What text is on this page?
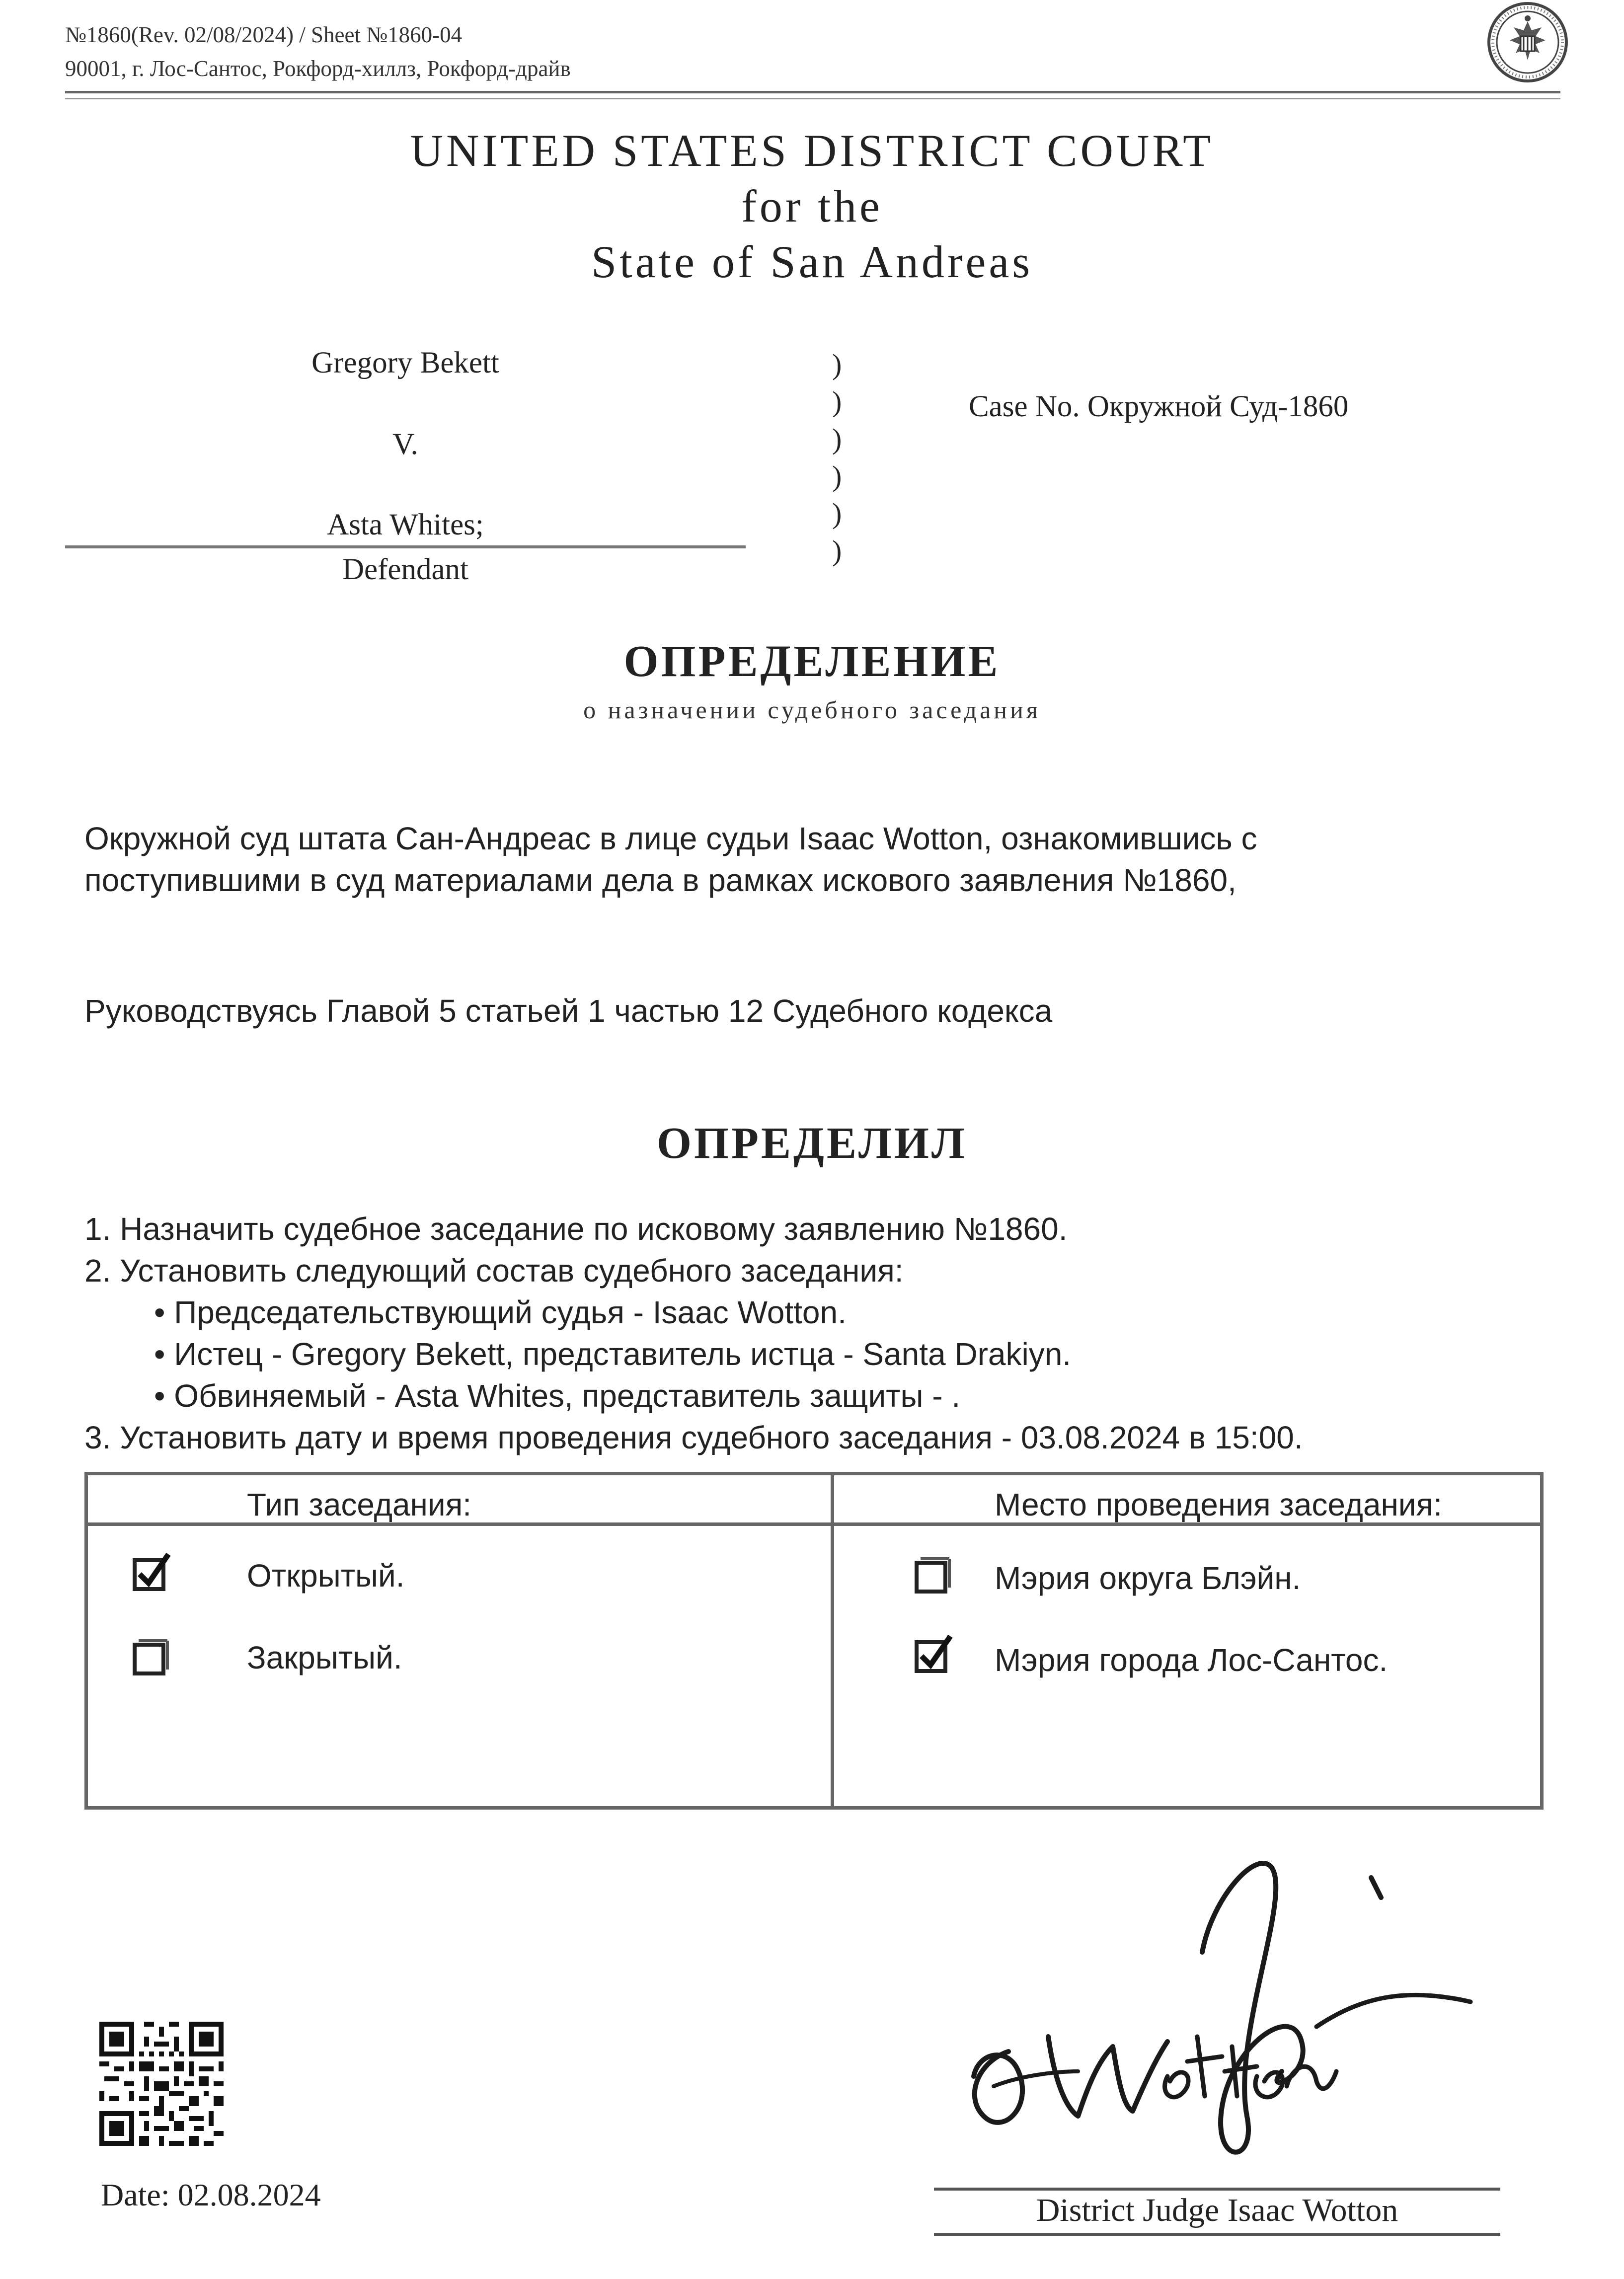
№1860(Rev. 02/08/2024) / Sheet №1860-04
90001, г. Лос-Сантос, Рокфорд-хиллз, Рокфорд-драйв
UNITED STATES DISTRICT COURT
for the
State of San Andreas
Gregory Bekett
V.
Asta Whites;
Defendant
)
)
)
)
)
)
Case No. Окружной Суд-1860
ОПРЕДЕЛЕНИЕ
о назначении судебного заседания
Окружной суд штата Сан-Андреас в лице судьи Isaac Wotton, ознакомившись с
поступившими в суд материалами дела в рамках искового заявления №1860,
Руководствуясь Главой 5 статьей 1 частью 12 Судебного кодекса
ОПРЕДЕЛИЛ
1. Назначить судебное заседание по исковому заявлению №1860.
2. Установить следующий состав судебного заседания:
• Председательствующий судья - Isaac Wotton.
• Истец - Gregory Bekett, представитель истца - Santa Drakiyn.
• Обвиняемый - Asta Whites, представитель защиты - .
3. Установить дату и время проведения судебного заседания - 03.08.2024 в 15:00.
Тип заседания:	Место проведения заседания:
Открытый.
Закрытый.
Мэрия округа Блэйн.
Мэрия города Лос-Сантос.
Date: 02.08.2024	District Judge Isaac Wotton
